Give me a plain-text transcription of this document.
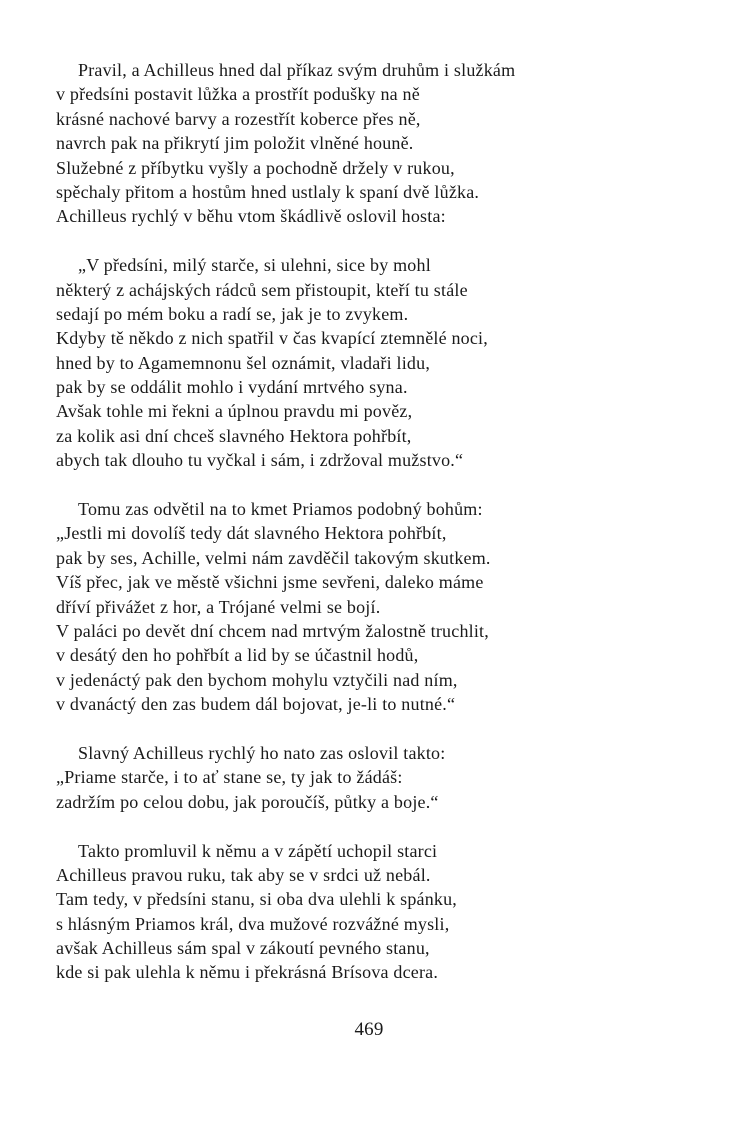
Pravil, a Achilleus hned dal příkaz svým druhům i služkám
v předsíni postavit lůžka a prostřít podušky na ně
krásné nachové barvy a rozestřít koberce přes ně,
navrch pak na přikrytí jim položit vlněné houně.
Služebné z příbytku vyšly a pochodně držely v rukou,
spěchaly přitom a hostům hned ustlaly k spaní dvě lůžka.
Achilleus rychlý v běhu vtom škádlivě oslovil hosta:
„V předsíni, milý starče, si ulehni, sice by mohl
některý z achájských rádců sem přistoupit, kteří tu stále
sedají po mém boku a radí se, jak je to zvykem.
Kdyby tě někdo z nich spatřil v čas kvapící ztemnělé noci,
hned by to Agamemnonu šel oznámit, vladaři lidu,
pak by se oddálit mohlo i vydání mrtvého syna.
Avšak tohle mi řekni a úplnou pravdu mi pověz,
za kolik asi dní chceš slavného Hektora pohřbít,
abych tak dlouho tu vyčkal i sám, i zdržoval mužstvo.“
Tomu zas odvětil na to kmet Priamos podobný bohům:
„Jestli mi dovolíš tedy dát slavného Hektora pohřbít,
pak by ses, Achille, velmi nám zavděčil takovým skutkem.
Víš přec, jak ve městě všichni jsme sevřeni, daleko máme
dříví přivážet z hor, a Trójané velmi se bojí.
V paláci po devět dní chcem nad mrtvým žalostně truchlit,
v desátý den ho pohřbít a lid by se účastnil hodů,
v jedenáctý pak den bychom mohylu vztyčili nad ním,
v dvanáctý den zas budem dál bojovat, je-li to nutné.“
Slavný Achilleus rychlý ho nato zas oslovil takto:
„Priame starče, i to ať stane se, ty jak to žádáš:
zadržím po celou dobu, jak poroučíš, půtky a boje.“
Takto promluvil k němu a v zápětí uchopil starci
Achilleus pravou ruku, tak aby se v srdci už nebál.
Tam tedy, v předsíni stanu, si oba dva ulehli k spánku,
s hlásným Priamos král, dva mužové rozvážné mysli,
avšak Achilleus sám spal v zákoutí pevného stanu,
kde si pak ulehla k němu i překrásná Brísova dcera.
469
